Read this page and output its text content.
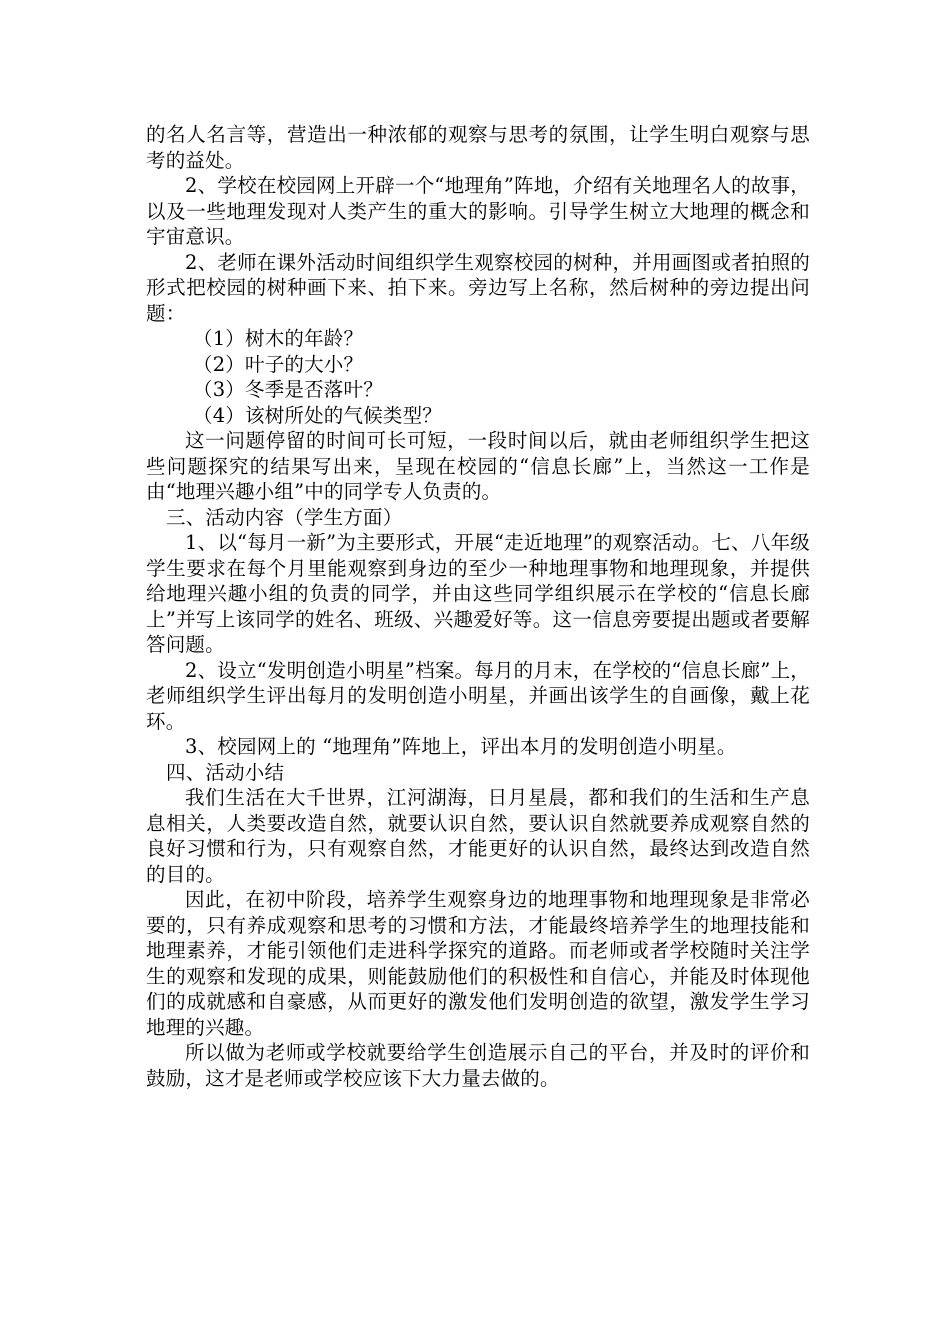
的名人名言等，营造出一种浓郁的观察与思考的氛围，让学生明白观察与思考的益处。

2、学校在校园网上开辟一个“地理角”阵地，介绍有关地理名人的故事，以及一些地理发现对人类产生的重大的影响。引导学生树立大地理的概念和宇宙意识。

2、老师在课外活动时间组织学生观察校园的树种，并用画图或者拍照的形式把校园的树种画下来、拍下来。旁边写上名称，然后树种的旁边提出问题：

（1）树木的年龄？

（2）叶子的大小？

（3）冬季是否落叶？

（4）该树所处的气候类型？

这一问题停留的时间可长可短，一段时间以后，就由老师组织学生把这些问题探究的结果写出来，呈现在校园的“信息长廊”上，当然这一工作是由“地理兴趣小组”中的同学专人负责的。

三、活动内容（学生方面）

1、以“每月一新”为主要形式，开展“走近地理”的观察活动。七、八年级学生要求在每个月里能观察到身边的至少一种地理事物和地理现象，并提供给地理兴趣小组的负责的同学，并由这些同学组织展示在学校的“信息长廊上”并写上该同学的姓名、班级、兴趣爱好等。这一信息旁要提出题或者要解答问题。

2、设立“发明创造小明星”档案。每月的月末，在学校的“信息长廊”上，老师组织学生评出每月的发明创造小明星，并画出该学生的自画像，戴上花环。

3、校园网上的 “地理角”阵地上，评出本月的发明创造小明星。

四、活动小结

我们生活在大千世界，江河湖海，日月星晨，都和我们的生活和生产息息相关，人类要改造自然，就要认识自然，要认识自然就要养成观察自然的良好习惯和行为，只有观察自然，才能更好的认识自然，最终达到改造自然的目的。

因此，在初中阶段，培养学生观察身边的地理事物和地理现象是非常必要的，只有养成观察和思考的习惯和方法，才能最终培养学生的地理技能和地理素养，才能引领他们走进科学探究的道路。而老师或者学校随时关注学生的观察和发现的成果，则能鼓励他们的积极性和自信心，并能及时体现他们的成就感和自豪感，从而更好的激发他们发明创造的欲望，激发学生学习地理的兴趣。

所以做为老师或学校就要给学生创造展示自己的平台，并及时的评价和鼓励，这才是老师或学校应该下大力量去做的。
